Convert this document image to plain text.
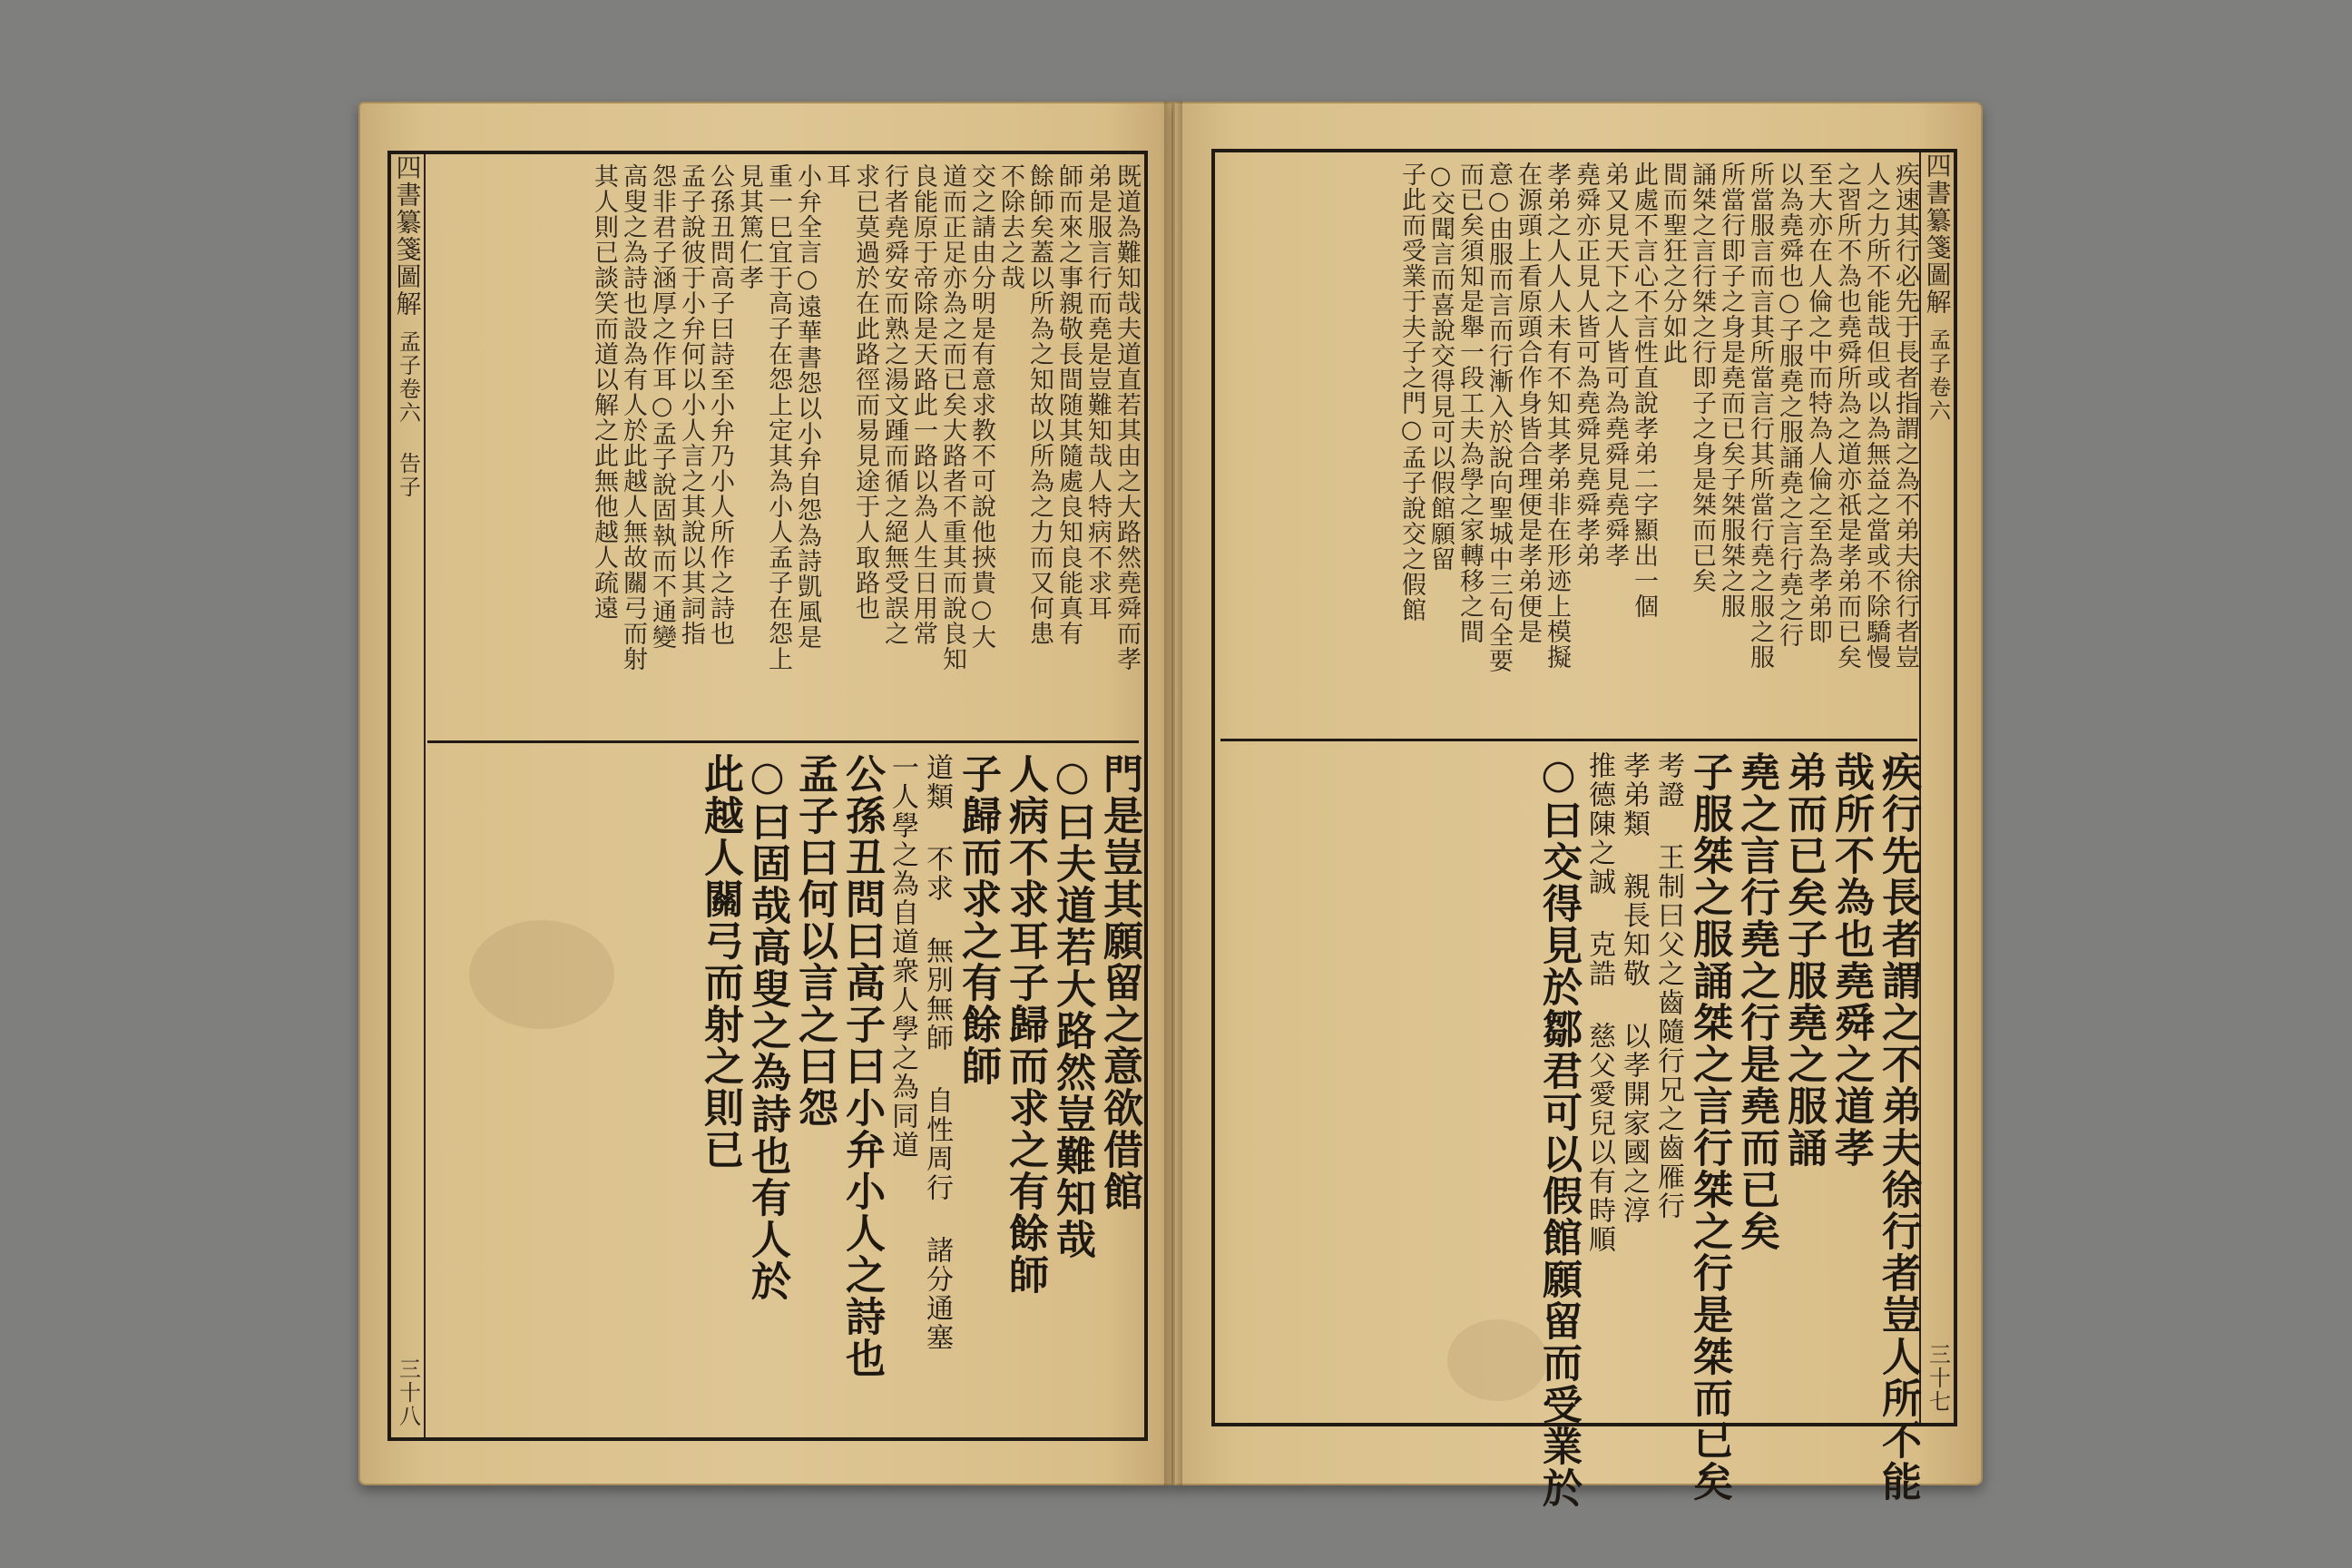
四書纂箋圖解
孟子卷六 告子
三十八
既道為難知哉夫道直若其由之大路然堯舜而孝
弟是服言行而堯是豈難知哉人特病不求耳
師而來之事親敬長間随其隨處良知良能真有
餘師矣蓋以所為之知故以所為之力而又何患
不除去之哉
交之請由分明是有意求教不可說他挾貴○大
道而正足亦為之而已矣大路者不重其而說良知
良能原于帝除是天路此一路以為人生日用常
行者堯舜安而熟之湯文踵而循之絕無受誤之
求已莫過於在此路徑而易見途于人取路也
耳
小弁全言○遠華書怨以小弁自怨為詩凱風是
重一巳宜于高子在怨上定其為小人孟子在怨上
見其篤仁孝
公孫丑問高子曰詩至小弁乃小人所作之詩也
孟子說彼于小弁何以小人言之其說以其詞指
怨非君子涵厚之作耳○孟子說固執而不通變
高叟之為詩也設為有人於此越人無故關弓而射
其人則已談笑而道以解之此無他越人疏遠
門是豈其願留之意欲借館
○曰夫道若大路然豈難知哉
人病不求耳子歸而求之有餘師
子歸而求之有餘師
道類 不求 無別無師 自性周行 諸分通塞
一人學之為自道衆人學之為同道
公孫丑問曰高子曰小弁小人之詩也
孟子曰何以言之曰怨
○曰固哉高叟之為詩也有人於
此越人關弓而射之則已
四書纂箋圖解
孟子卷六
三十七
疾速其行必先于長者指謂之為不弟夫徐行者豈
人之力所不能哉但或以為無益之當或不除驕慢
之習所不為也堯舜所為之道亦祇是孝弟而已矣
至大亦在人倫之中而特為人倫之至為孝弟即
以為堯舜也○子服堯之服誦堯之言行堯之行
所當服言而言其所當言行其所當行堯之服之服
所當行即子之身是堯而已矣子桀服桀之服
誦桀之言行桀之行即子之身是桀而已矣
間而聖狂之分如此
此處不言心不言性直說孝弟二字顯出一個
弟又見天下之人皆可為堯舜見堯舜孝
堯舜亦正見人皆可為堯舜見堯舜孝弟
孝弟之人人人未有不知其孝弟非在形迹上模擬
在源頭上看原頭合作身皆合理便是孝弟便是
意○由服而言而行漸入於說向聖城中三句全要
而已矣須知是舉一段工夫為學之家轉移之間
○交聞言而喜說交得見可以假館願留
子此而受業于夫子之門○孟子說交之假館
疾行先長者謂之不弟夫徐行者豈人所不能
哉所不為也堯舜之道孝
弟而已矣子服堯之服誦
堯之言行堯之行是堯而已矣
子服桀之服誦桀之言行桀之行是桀而已矣
考證 王制曰父之齒隨行兄之齒雁行
孝弟類 親長知敬 以孝開家國之淳
推德陳之誠 克誥 慈父愛兒以有時順
○曰交得見於鄒君可以假館願留而受業於
